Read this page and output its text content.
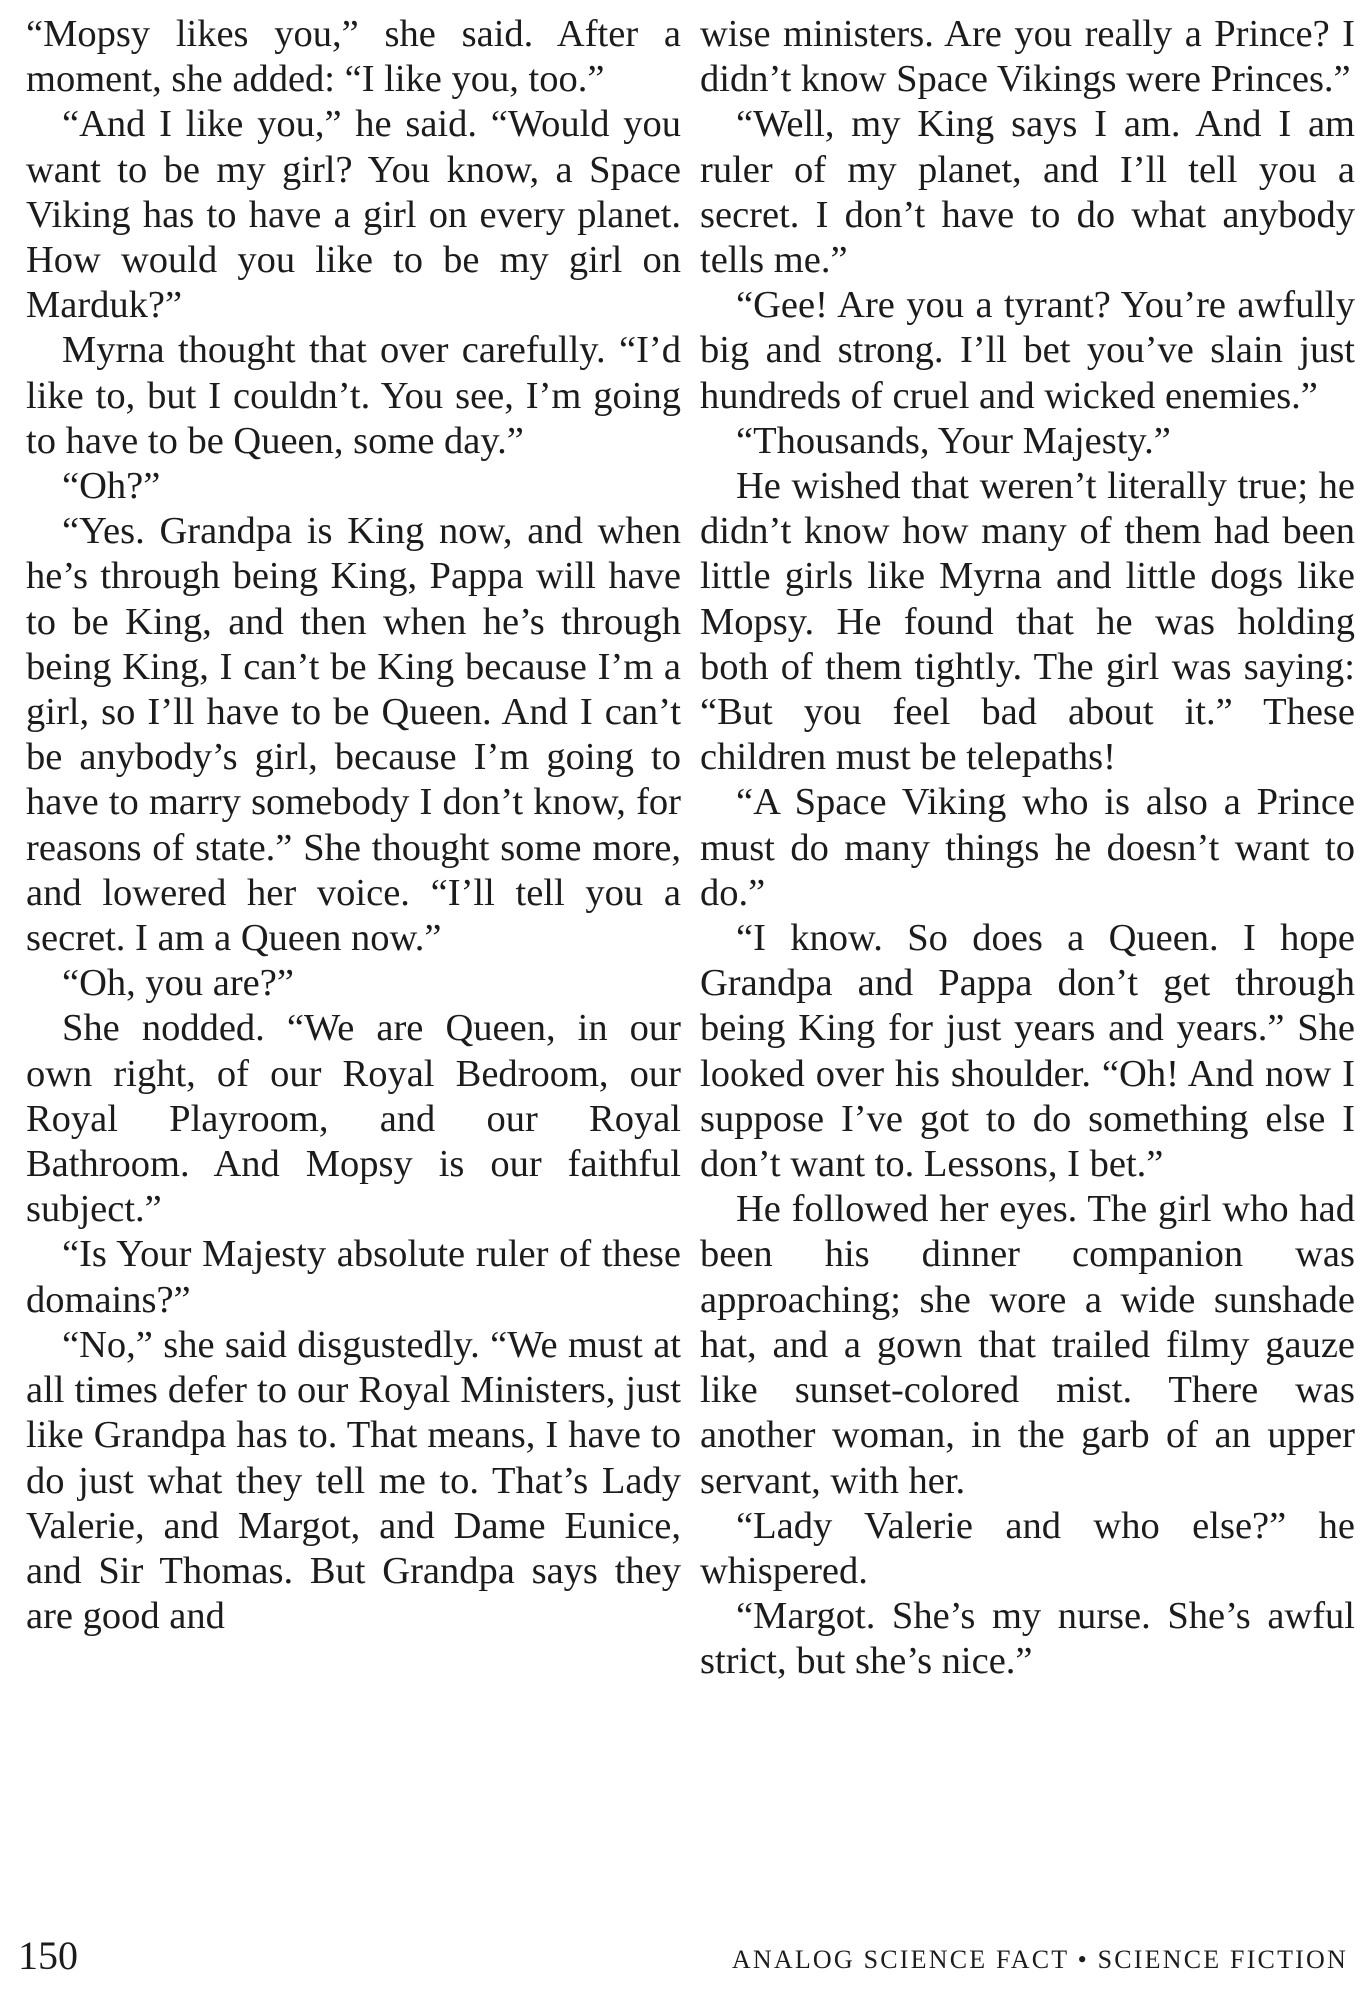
“Mopsy likes you,” she said. After a moment, she added: “I like you, too.”

“And I like you,” he said. “Would you want to be my girl? You know, a Space Viking has to have a girl on every planet. How would you like to be my girl on Marduk?”

Myrna thought that over carefully. “I’d like to, but I couldn’t. You see, I’m going to have to be Queen, some day.”

“Oh?”

“Yes. Grandpa is King now, and when he’s through being King, Pappa will have to be King, and then when he’s through being King, I can’t be King because I’m a girl, so I’ll have to be Queen. And I can’t be anybody’s girl, because I’m going to have to marry somebody I don’t know, for reasons of state.” She thought some more, and lowered her voice. “I’ll tell you a secret. I am a Queen now.”

“Oh, you are?”

She nodded. “We are Queen, in our own right, of our Royal Bedroom, our Royal Playroom, and our Royal Bathroom. And Mopsy is our faithful subject.”

“Is Your Majesty absolute ruler of these domains?”

“No,” she said disgustedly. “We must at all times defer to our Royal Ministers, just like Grandpa has to. That means, I have to do just what they tell me to. That’s Lady Valerie, and Margot, and Dame Eunice, and Sir Thomas. But Grandpa says they are good and

wise ministers. Are you really a Prince? I didn’t know Space Vikings were Princes.”

“Well, my King says I am. And I am ruler of my planet, and I’ll tell you a secret. I don’t have to do what anybody tells me.”

“Gee! Are you a tyrant? You’re awfully big and strong. I’ll bet you’ve slain just hundreds of cruel and wicked enemies.”

“Thousands, Your Majesty.”

He wished that weren’t literally true; he didn’t know how many of them had been little girls like Myrna and little dogs like Mopsy. He found that he was holding both of them tightly. The girl was saying: “But you feel bad about it.” These children must be telepaths!

“A Space Viking who is also a Prince must do many things he doesn’t want to do.”

“I know. So does a Queen. I hope Grandpa and Pappa don’t get through being King for just years and years.” She looked over his shoulder. “Oh! And now I suppose I’ve got to do something else I don’t want to. Lessons, I bet.”

He followed her eyes. The girl who had been his dinner companion was approaching; she wore a wide sunshade hat, and a gown that trailed filmy gauze like sunset-colored mist. There was another woman, in the garb of an upper servant, with her.

“Lady Valerie and who else?” he whispered.

“Margot. She’s my nurse. She’s awful strict, but she’s nice.”

150	ANALOG SCIENCE FACT • SCIENCE FICTION
